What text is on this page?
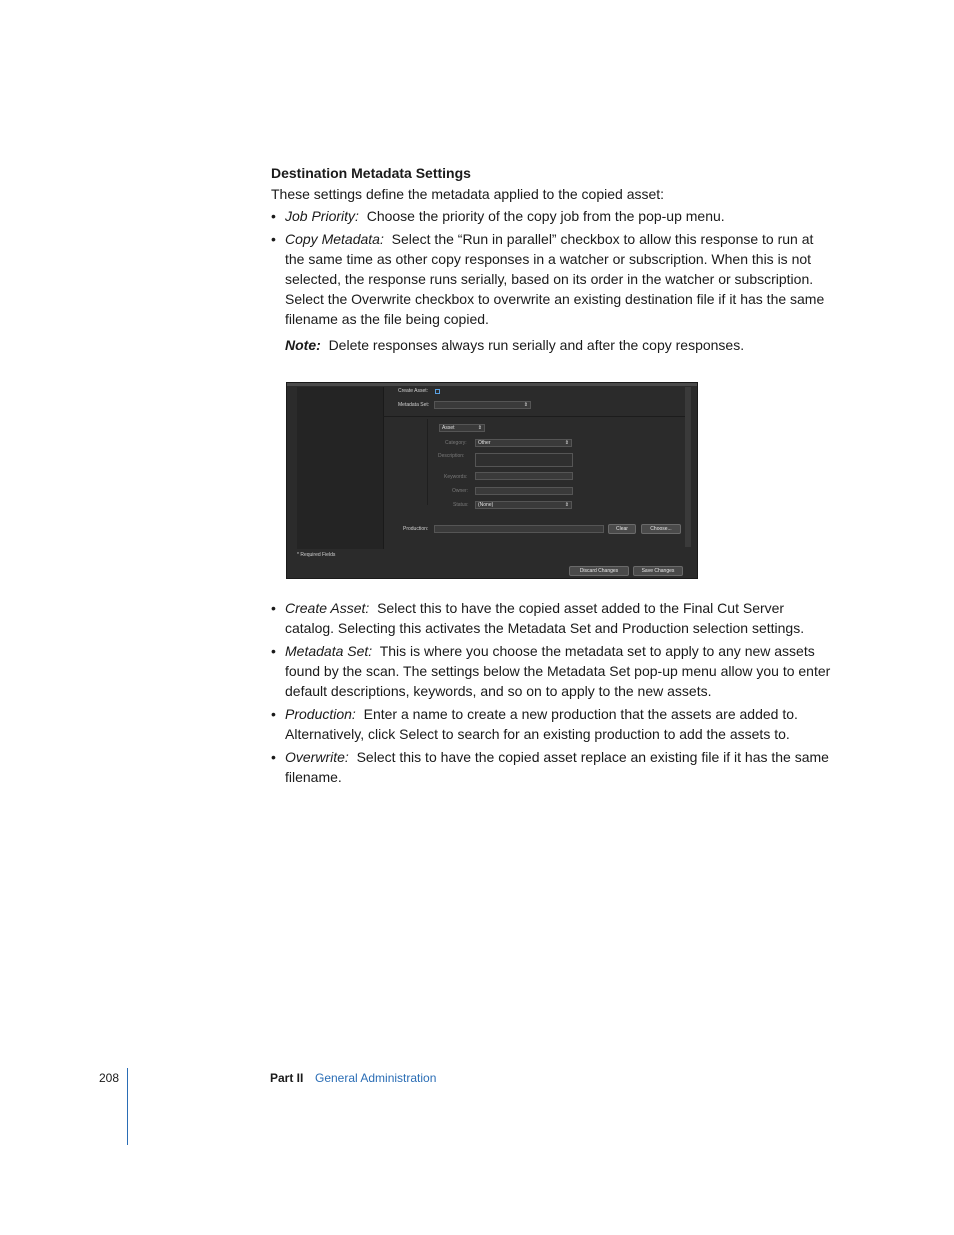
Destination Metadata Settings
These settings define the metadata applied to the copied asset:
• Job Priority: Choose the priority of the copy job from the pop-up menu.
• Copy Metadata: Select the “Run in parallel” checkbox to allow this response to run at the same time as other copy responses in a watcher or subscription. When this is not selected, the response runs serially, based on its order in the watcher or subscription. Select the Overwrite checkbox to overwrite an existing destination file if it has the same filename as the file being copied.
Note: Delete responses always run serially and after the copy responses.
Create Asset:
Metadata Set:	⇕
Asset	⇕
Category:	Other	⇕
Description:
Keywords:
Owner:
Status:	(None)	⇕
Production:	Clear	Choose...
* Required Fields
Discard Changes	Save Changes
• Create Asset: Select this to have the copied asset added to the Final Cut Server catalog. Selecting this activates the Metadata Set and Production selection settings.
• Metadata Set: This is where you choose the metadata set to apply to any new assets found by the scan. The settings below the Metadata Set pop-up menu allow you to enter default descriptions, keywords, and so on to apply to the new assets.
• Production: Enter a name to create a new production that the assets are added to. Alternatively, click Select to search for an existing production to add the assets to.
• Overwrite: Select this to have the copied asset replace an existing file if it has the same filename.
208	Part II General Administration
